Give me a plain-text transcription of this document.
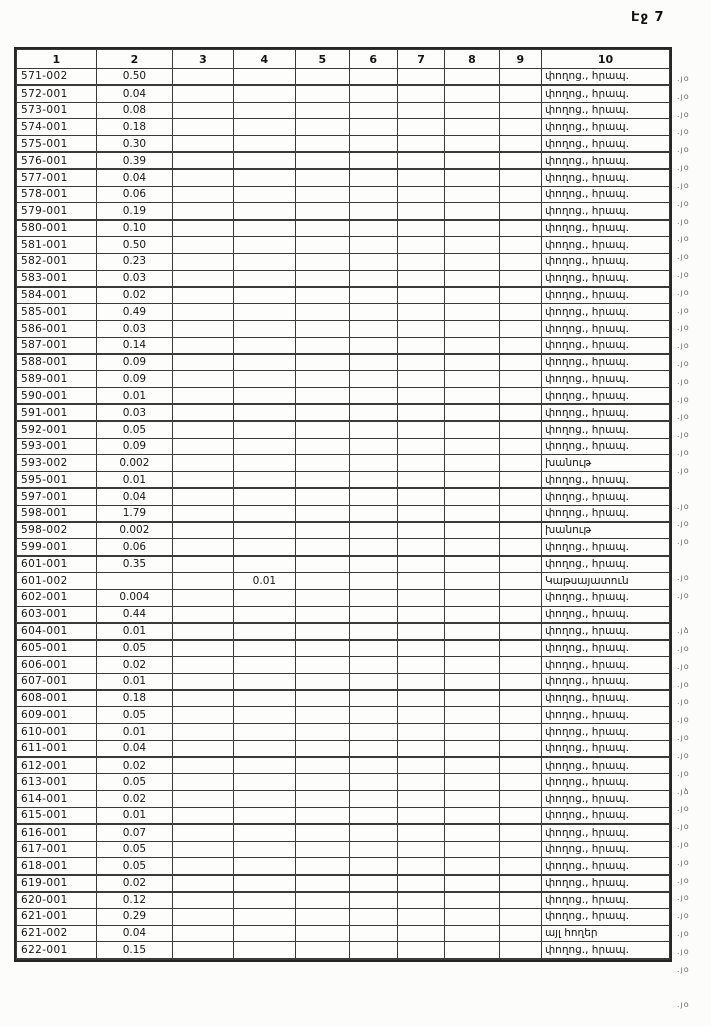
Էջ 7
1	2	3	4	5	6	7	8	9	10
571-002	0.50								փողոց., հրապ.
572-001	0.04								փողոց., հրապ.
573-001	0.08								փողոց., հրապ.
574-001	0.18								փողոց., հրապ.
575-001	0.30								փողոց., հրապ.
576-001	0.39								փողոց., հրապ.
577-001	0.04								փողոց., հրապ.
578-001	0.06								փողոց., հրապ.
579-001	0.19								փողոց., հրապ.
580-001	0.10								փողոց., հրապ.
581-001	0.50								փողոց., հրապ.
582-001	0.23								փողոց., հրապ.
583-001	0.03								փողոց., հրապ.
584-001	0.02								փողոց., հրապ.
585-001	0.49								փողոց., հրապ.
586-001	0.03								փողոց., հրապ.
587-001	0.14								փողոց., հրապ.
588-001	0.09								փողոց., հրապ.
589-001	0.09								փողոց., հրապ.
590-001	0.01								փողոց., հրապ.
591-001	0.03								փողոց., հրապ.
592-001	0.05								փողոց., հրապ.
593-001	0.09								փողոց., հրապ.
593-002	0.002								խանութ
595-001	0.01								փողոց., հրապ.
597-001	0.04								փողոց., հրապ.
598-001	1.79								փողոց., հրապ.
598-002	0.002								խանութ
599-001	0.06								փողոց., հրապ.
601-001	0.35								փողոց., հրապ.
601-002			0.01						Կաթսայատուն
602-001	0.004								փողոց., հրապ.
603-001	0.44								փողոց., հրապ.
604-001	0.01								փողոց., հրապ.
605-001	0.05								փողոց., հրապ.
606-001	0.02								փողոց., հրապ.
607-001	0.01								փողոց., հրապ.
608-001	0.18								փողոց., հրապ.
609-001	0.05								փողոց., հրապ.
610-001	0.01								փողոց., հրապ.
611-001	0.04								փողոց., հրապ.
612-001	0.02								փողոց., հրապ.
613-001	0.05								փողոց., հրապ.
614-001	0.02								փողոց., հրապ.
615-001	0.01								փողոց., հրապ.
616-001	0.07								փողոց., հրապ.
617-001	0.05								փողոց., հրապ.
618-001	0.05								փողոց., հրապ.
619-001	0.02								փողոց., հրապ.
620-001	0.12								փողոց., հրապ.
621-001	0.29								փողոց., հրապ.
621-002	0.04								այլ հողեր
622-001	0.15								փողոց., հրապ.
.յօ
.յօ
.յօ
.յօ
.յօ
.յօ
.յօ
.յօ
.յօ
.յօ
.յօ
.յօ
.յօ
.յօ
.յօ
.յօ
.յօ
.յօ
.յօ
.յօ
.յօ
.յօ
.յօ
.յօ
.յօ
.յօ
.յօ
.յօ
.յձ
.յօ
.յօ
.յօ
.յօ
.յօ
.յօ
.յօ
.յօ
.յձ
.յօ
.յօ
.յօ
.յօ
.յօ
.յօ
.յօ
.յօ
.յօ
.յօ
.յօ
